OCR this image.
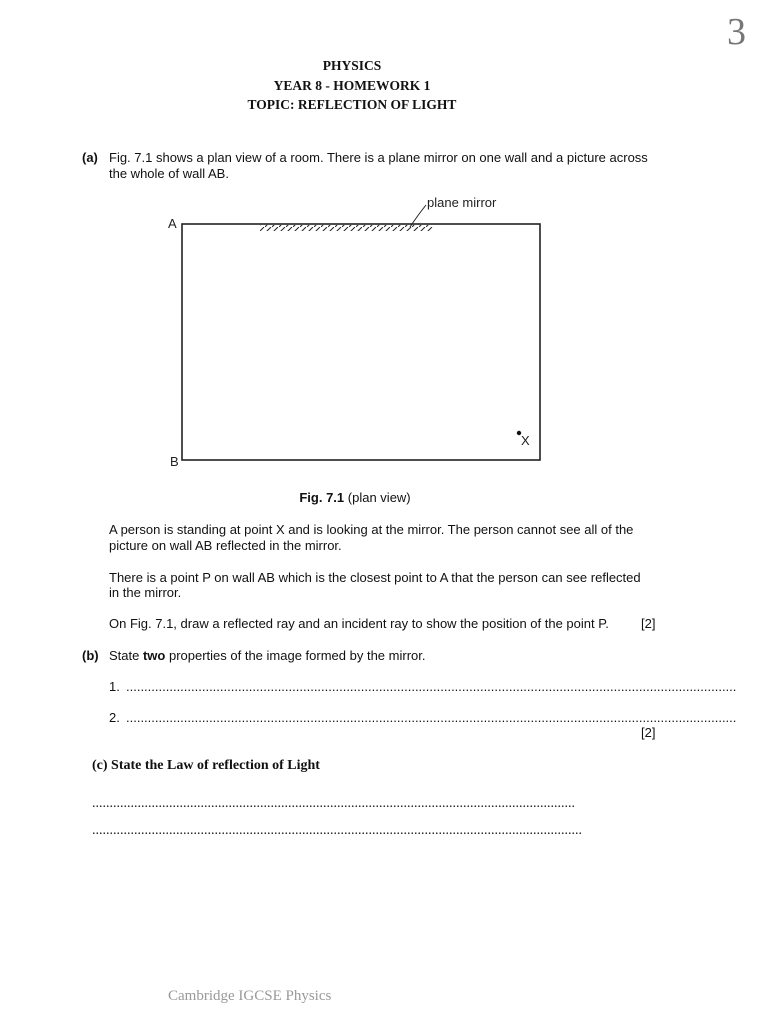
3
PHYSICS
YEAR 8 - HOMEWORK 1
TOPIC: REFLECTION OF LIGHT
(a) Fig. 7.1 shows a plan view of a room. There is a plane mirror on one wall and a picture across
the whole of wall AB.
A
B
X
plane mirror
Fig. 7.1 (plan view)
A person is standing at point X and is looking at the mirror. The person cannot see all of the
picture on wall AB reflected in the mirror.
There is a point P on wall AB which is the closest point to A that the person can see reflected
in the mirror.
On Fig. 7.1, draw a reflected ray and an incident ray to show the position of the point P. [2]
(b) State two properties of the image formed by the mirror.
1. .........................................................................................................................................................................
2. .........................................................................................................................................................................
[2]
(c) State the Law of reflection of Light
..........................................................................................................................................
............................................................................................................................................
Cambridge IGCSE Physics
